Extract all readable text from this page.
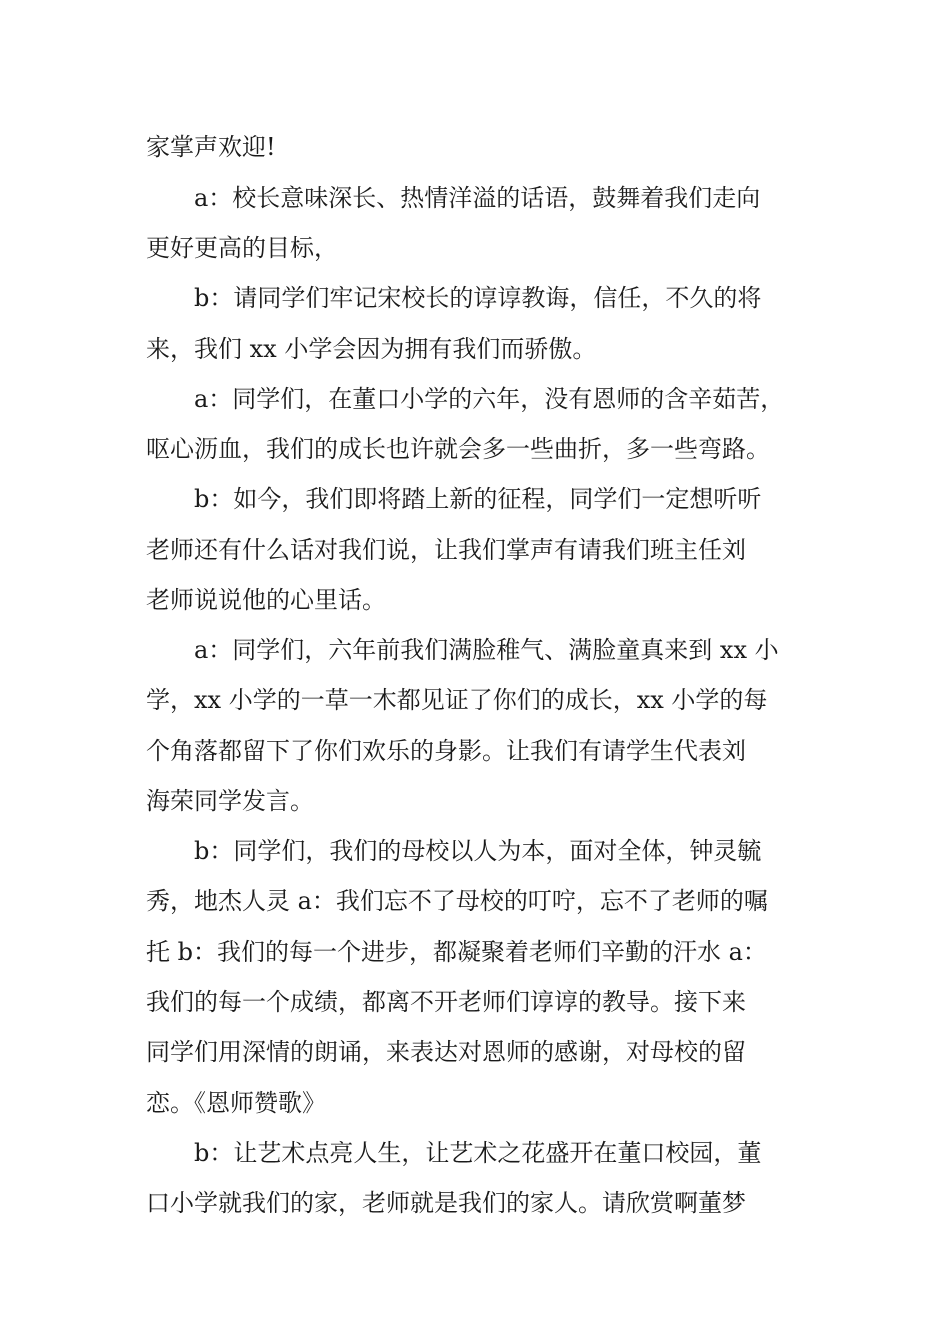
家掌声欢迎!

a：校长意味深长、热情洋溢的话语，鼓舞着我们走向

更好更高的目标，

b：请同学们牢记宋校长的谆谆教诲，信任，不久的将

来，我们 xx 小学会因为拥有我们而骄傲。

a：同学们，在董口小学的六年，没有恩师的含辛茹苦，

呕心沥血，我们的成长也许就会多一些曲折，多一些弯路。

b：如今，我们即将踏上新的征程，同学们一定想听听

老师还有什么话对我们说，让我们掌声有请我们班主任刘

老师说说他的心里话。

a：同学们，六年前我们满脸稚气、满脸童真来到 xx 小

学，xx 小学的一草一木都见证了你们的成长，xx 小学的每

个角落都留下了你们欢乐的身影。让我们有请学生代表刘

海荣同学发言。

b：同学们，我们的母校以人为本，面对全体，钟灵毓

秀，地杰人灵 a：我们忘不了母校的叮咛，忘不了老师的嘱

托 b：我们的每一个进步，都凝聚着老师们辛勤的汗水 a：

我们的每一个成绩，都离不开老师们谆谆的教导。接下来

同学们用深情的朗诵，来表达对恩师的感谢，对母校的留

恋。《恩师赞歌》

b：让艺术点亮人生，让艺术之花盛开在董口校园，董

口小学就我们的家，老师就是我们的家人。请欣赏啊董梦
